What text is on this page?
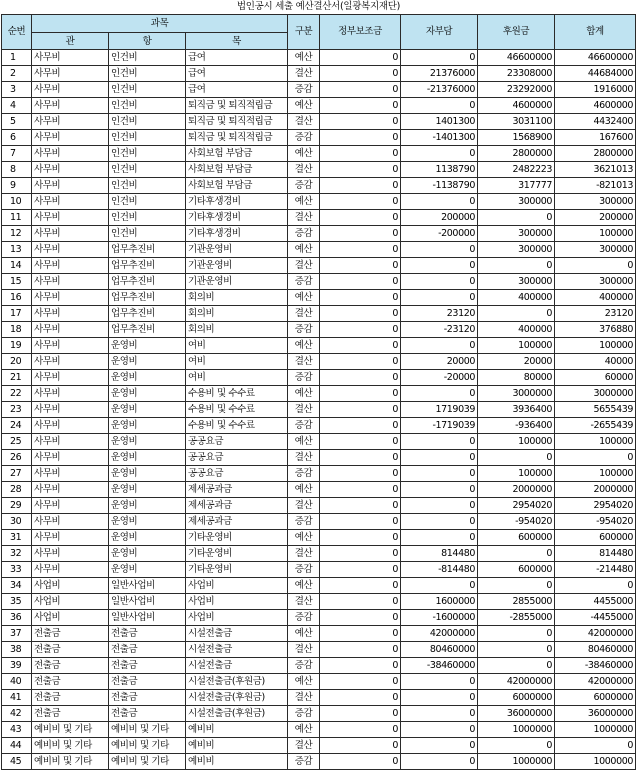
법인공시 세출 예산결산서(일광복지재단)
순번	과목			구분	정부보조금	자부담	후원금	합계
	관	항	목					
1	사무비	인건비	급여	예산	0	0	46600000	46600000
2	사무비	인건비	급여	결산	0	21376000	23308000	44684000
3	사무비	인건비	급여	증감	0	-21376000	23292000	1916000
4	사무비	인건비	퇴직금 및 퇴직적립금	예산	0	0	4600000	4600000
5	사무비	인건비	퇴직금 및 퇴직적립금	결산	0	1401300	3031100	4432400
6	사무비	인건비	퇴직금 및 퇴직적립금	증감	0	-1401300	1568900	167600
7	사무비	인건비	사회보험 부담금	예산	0	0	2800000	2800000
8	사무비	인건비	사회보험 부담금	결산	0	1138790	2482223	3621013
9	사무비	인건비	사회보험 부담금	증감	0	-1138790	317777	-821013
10	사무비	인건비	기타후생경비	예산	0	0	300000	300000
11	사무비	인건비	기타후생경비	결산	0	200000	0	200000
12	사무비	인건비	기타후생경비	증감	0	-200000	300000	100000
13	사무비	업무추진비	기관운영비	예산	0	0	300000	300000
14	사무비	업무추진비	기관운영비	결산	0	0	0	0
15	사무비	업무추진비	기관운영비	증감	0	0	300000	300000
16	사무비	업무추진비	회의비	예산	0	0	400000	400000
17	사무비	업무추진비	회의비	결산	0	23120	0	23120
18	사무비	업무추진비	회의비	증감	0	-23120	400000	376880
19	사무비	운영비	여비	예산	0	0	100000	100000
20	사무비	운영비	여비	결산	0	20000	20000	40000
21	사무비	운영비	여비	증감	0	-20000	80000	60000
22	사무비	운영비	수용비 및 수수료	예산	0	0	3000000	3000000
23	사무비	운영비	수용비 및 수수료	결산	0	1719039	3936400	5655439
24	사무비	운영비	수용비 및 수수료	증감	0	-1719039	-936400	-2655439
25	사무비	운영비	공공요금	예산	0	0	100000	100000
26	사무비	운영비	공공요금	결산	0	0	0	0
27	사무비	운영비	공공요금	증감	0	0	100000	100000
28	사무비	운영비	제세공과금	예산	0	0	2000000	2000000
29	사무비	운영비	제세공과금	결산	0	0	2954020	2954020
30	사무비	운영비	제세공과금	증감	0	0	-954020	-954020
31	사무비	운영비	기타운영비	예산	0	0	600000	600000
32	사무비	운영비	기타운영비	결산	0	814480	0	814480
33	사무비	운영비	기타운영비	증감	0	-814480	600000	-214480
34	사업비	일반사업비	사업비	예산	0	0	0	0
35	사업비	일반사업비	사업비	결산	0	1600000	2855000	4455000
36	사업비	일반사업비	사업비	증감	0	-1600000	-2855000	-4455000
37	전출금	전출금	시설전출금	예산	0	42000000	0	42000000
38	전출금	전출금	시설전출금	결산	0	80460000	0	80460000
39	전출금	전출금	시설전출금	증감	0	-38460000	0	-38460000
40	전출금	전출금	시설전출금(후원금)	예산	0	0	42000000	42000000
41	전출금	전출금	시설전출금(후원금)	결산	0	0	6000000	6000000
42	전출금	전출금	시설전출금(후원금)	증감	0	0	36000000	36000000
43	예비비 및 기타	예비비 및 기타	예비비	예산	0	0	1000000	1000000
44	예비비 및 기타	예비비 및 기타	예비비	결산	0	0	0	0
45	예비비 및 기타	예비비 및 기타	예비비	증감	0	0	1000000	1000000
